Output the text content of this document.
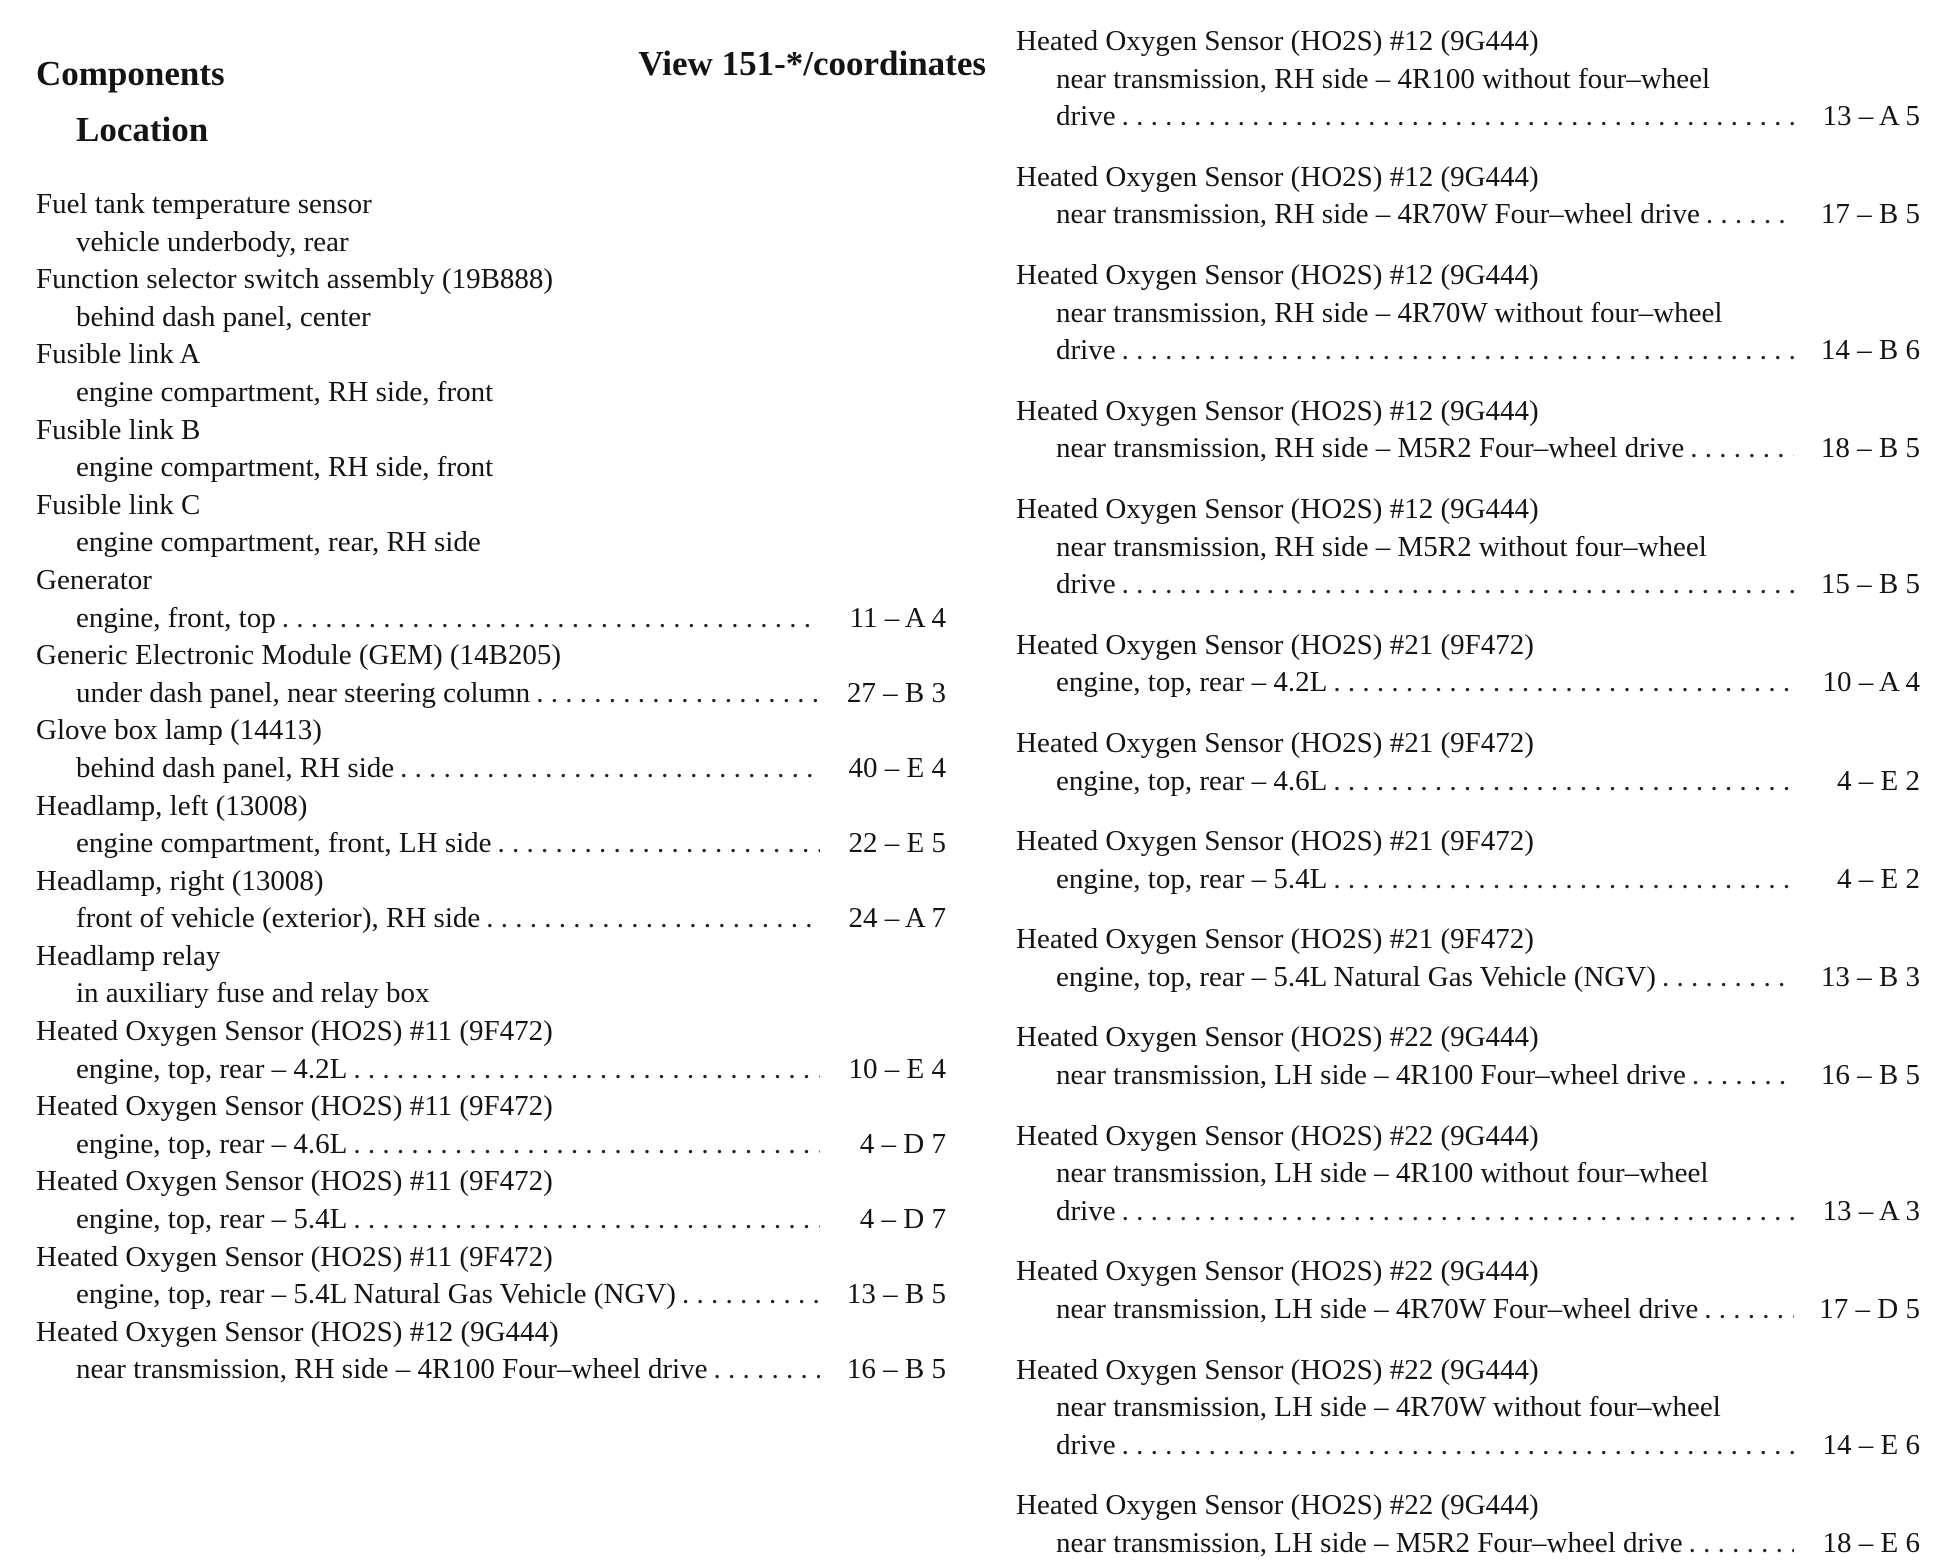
Components
Location
View 151-*/coordinates
Fuel tank temperature sensor
vehicle underbody, rear
Function selector switch assembly (19B888)
behind dash panel, center
Fusible link A
engine compartment, RH side, front
Fusible link B
engine compartment, RH side, front
Fusible link C
engine compartment, rear, RH side
Generator
engine, front, top . . .	11 – A 4
Generic Electronic Module (GEM) (14B205)
under dash panel, near steering column . . .	27 – B 3
Glove box lamp (14413)
behind dash panel, RH side . . .	40 – E 4
Headlamp, left (13008)
engine compartment, front, LH side . . .	22 – E 5
Headlamp, right (13008)
front of vehicle (exterior), RH side . . .	24 – A 7
Headlamp relay
in auxiliary fuse and relay box
Heated Oxygen Sensor (HO2S) #11 (9F472)
engine, top, rear – 4.2L . . .	10 – E 4
Heated Oxygen Sensor (HO2S) #11 (9F472)
engine, top, rear – 4.6L . . .	4 – D 7
Heated Oxygen Sensor (HO2S) #11 (9F472)
engine, top, rear – 5.4L . . .	4 – D 7
Heated Oxygen Sensor (HO2S) #11 (9F472)
engine, top, rear – 5.4L Natural Gas Vehicle (NGV) . . .	13 – B 5
Heated Oxygen Sensor (HO2S) #12 (9G444)
near transmission, RH side – 4R100 Four–wheel drive . . .	16 – B 5
Heated Oxygen Sensor (HO2S) #12 (9G444)
near transmission, RH side – 4R100 without four–wheel
drive . . .	13 – A 5
Heated Oxygen Sensor (HO2S) #12 (9G444)
near transmission, RH side – 4R70W Four–wheel drive . . .	17 – B 5
Heated Oxygen Sensor (HO2S) #12 (9G444)
near transmission, RH side – 4R70W without four–wheel
drive . . .	14 – B 6
Heated Oxygen Sensor (HO2S) #12 (9G444)
near transmission, RH side – M5R2 Four–wheel drive . . .	18 – B 5
Heated Oxygen Sensor (HO2S) #12 (9G444)
near transmission, RH side – M5R2 without four–wheel
drive . . .	15 – B 5
Heated Oxygen Sensor (HO2S) #21 (9F472)
engine, top, rear – 4.2L . . .	10 – A 4
Heated Oxygen Sensor (HO2S) #21 (9F472)
engine, top, rear – 4.6L . . .	4 – E 2
Heated Oxygen Sensor (HO2S) #21 (9F472)
engine, top, rear – 5.4L . . .	4 – E 2
Heated Oxygen Sensor (HO2S) #21 (9F472)
engine, top, rear – 5.4L Natural Gas Vehicle (NGV) . . .	13 – B 3
Heated Oxygen Sensor (HO2S) #22 (9G444)
near transmission, LH side – 4R100 Four–wheel drive . . .	16 – B 5
Heated Oxygen Sensor (HO2S) #22 (9G444)
near transmission, LH side – 4R100 without four–wheel
drive . . .	13 – A 3
Heated Oxygen Sensor (HO2S) #22 (9G444)
near transmission, LH side – 4R70W Four–wheel drive . . .	17 – D 5
Heated Oxygen Sensor (HO2S) #22 (9G444)
near transmission, LH side – 4R70W without four–wheel
drive . . .	14 – E 6
Heated Oxygen Sensor (HO2S) #22 (9G444)
near transmission, LH side – M5R2 Four–wheel drive . . .	18 – E 6
